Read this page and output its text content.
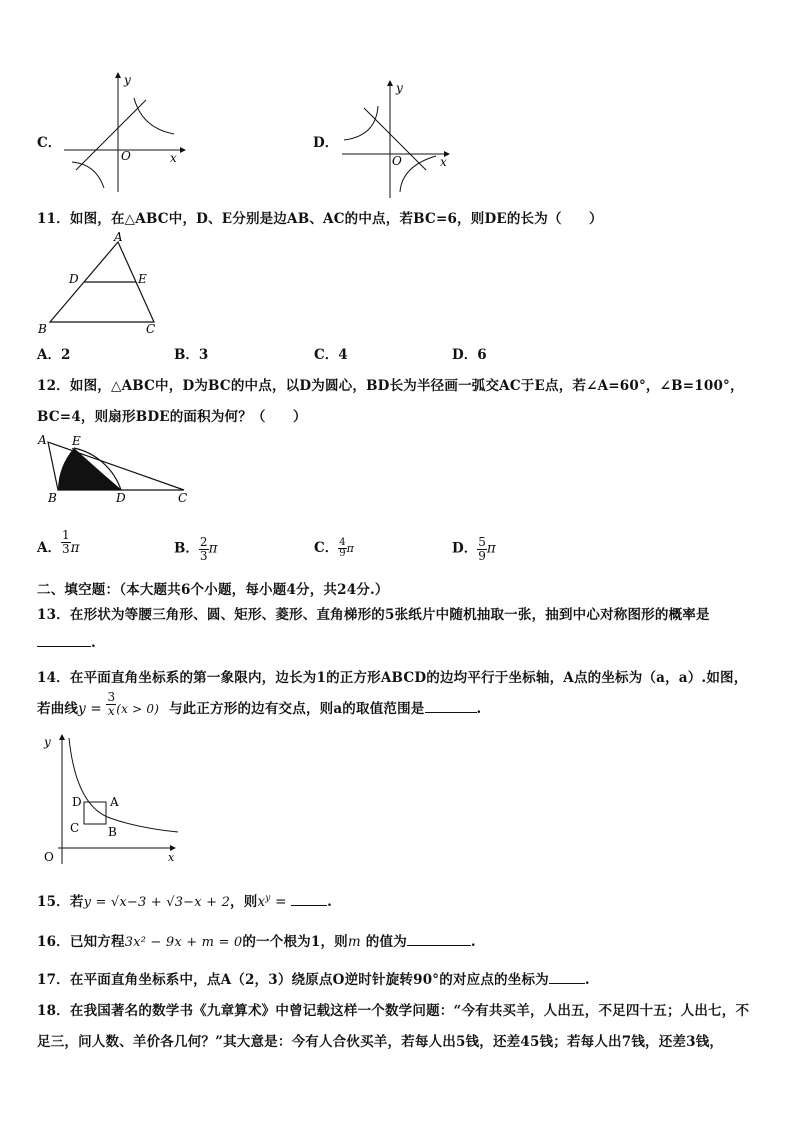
C．
y
x
O
D．
y
x
O
11．如图，在△ABC中，D、E分别是边AB、AC的中点，若BC=6，则DE的长为（　　）
A
D	E
B	C
A．2	B．3	C．4	D．6
12．如图，△ABC中，D为BC的中点，以D为圆心，BD长为半径画一弧交AC于E点，若∠A=60°，∠B=100°，
BC=4，则扇形BDE的面积为何？（　　）
A E
B	D	C
A． $\frac{1}{3}$ π	B． $\frac{2}{3}$ π	C． $\frac{4}{9}$ π	D． $\frac{5}{9}$ π
二、填空题：（本大题共6个小题，每小题4分，共24分.）
13．在形状为等腰三角形、圆、矩形、菱形、直角梯形的5张纸片中随机抽取一张，抽到中心对称图形的概率是
.
14．在平面直角坐标系的第一象限内，边长为1的正方形ABCD的边均平行于坐标轴，A点的坐标为（a，a）.如图，
若曲线$y = \frac{3}{x} (x > 0)$ 与此正方形的边有交点，则a的取值范围是	.
y
x
O
D A
C B
15．若y = √x−3 + √3−x + 2，则$x^y$ =	.
16．已知方程3x² − 9x + m = 0的一个根为1，则m 的值为	.
17．在平面直角坐标系中，点A（2，3）绕原点O逆时针旋转90°的对应点的坐标为	.
18．在我国著名的数学书《九章算术》中曾记载这样一个数学问题：“今有共买羊，人出五，不足四十五；人出七，不
足三，问人数、羊价各几何？”其大意是：今有人合伙买羊，若每人出5钱，还差45钱；若每人出7钱，还差3钱，
